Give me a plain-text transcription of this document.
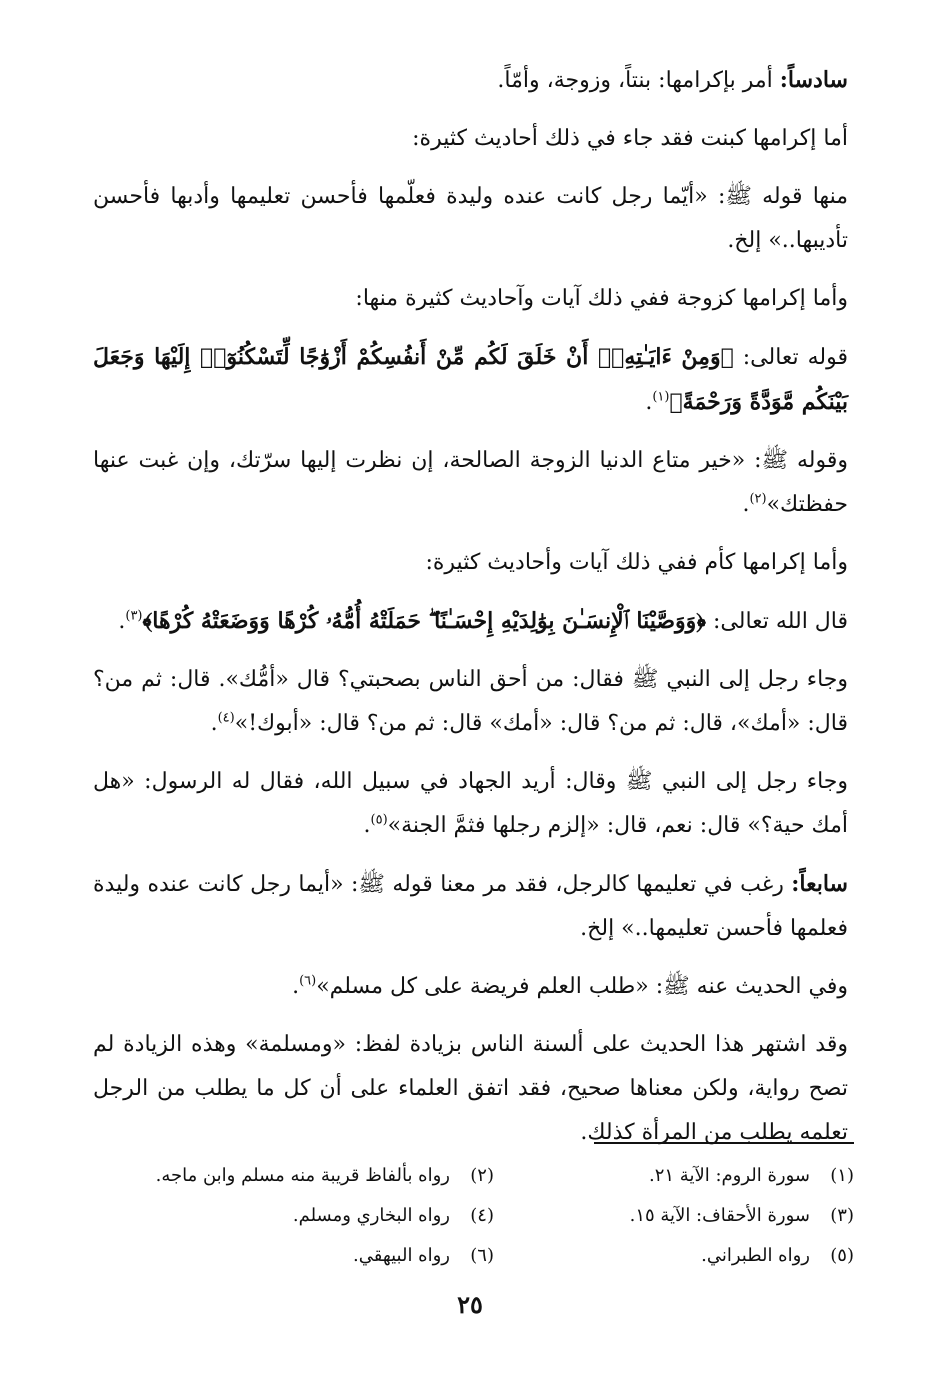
سادساً: أمر بإكرامها: بنتاً، وزوجة، وأمّاً.

أما إكرامها كبنت فقد جاء في ذلك أحاديث كثيرة:

منها قوله ﷺ: «أيّما رجل كانت عنده وليدة فعلّمها فأحسن تعليمها وأدبها فأحسن تأديبها..» إلخ.

وأما إكرامها كزوجة ففي ذلك آيات وآحاديث كثيرة منها:

قوله تعالى: ﴿وَمِنْ ءَايَـٰتِهِۦٓ أَنْ خَلَقَ لَكُم مِّنْ أَنفُسِكُمْ أَزْوَٰجًا لِّتَسْكُنُوٓا۟ إِلَيْهَا وَجَعَلَ بَيْنَكُم مَّوَدَّةً وَرَحْمَةً﴾$^{(١)}$.

وقوله ﷺ: «خير متاع الدنيا الزوجة الصالحة، إن نظرت إليها سرّتك، وإن غبت عنها حفظتك»$^{(٢)}$.

وأما إكرامها كأم ففي ذلك آيات وأحاديث كثيرة:

قال الله تعالى: ﴿وَوَصَّيْنَا ٱلْإِنسَـٰنَ بِوَٰلِدَيْهِ إِحْسَـٰنًا ۖ حَمَلَتْهُ أُمُّهُۥ كُرْهًا وَوَضَعَتْهُ كُرْهًا﴾$^{(٣)}$.

وجاء رجل إلى النبي ﷺ فقال: من أحق الناس بصحبتي؟ قال «أمُّك». قال: ثم من؟ قال: «أمك»، قال: ثم من؟ قال: «أمك» قال: ثم من؟ قال: «أبوك!»$^{(٤)}$.

وجاء رجل إلى النبي ﷺ وقال: أريد الجهاد في سبيل الله، فقال له الرسول: «هل أمك حية؟» قال: نعم، قال: «إلزم رجلها فثمَّ الجنة»$^{(٥)}$.

سابعاً: رغب في تعليمها كالرجل، فقد مر معنا قوله ﷺ: «أيما رجل كانت عنده وليدة فعلمها فأحسن تعليمها..» إلخ.

وفي الحديث عنه ﷺ: «طلب العلم فريضة على كل مسلم»$^{(٦)}$.

وقد اشتهر هذا الحديث على ألسنة الناس بزيادة لفظ: «ومسلمة» وهذه الزيادة لم تصح رواية، ولكن معناها صحيح، فقد اتفق العلماء على أن كل ما يطلب من الرجل تعلمه يطلب من المرأة كذلك.

(١)
سورة الروم: الآية ٢١.
(٢)
رواه بألفاظ قريبة منه مسلم وابن ماجه.
(٣)
سورة الأحقاف: الآية ١٥.
(٤)
رواه البخاري ومسلم.
(٥)
رواه الطبراني.
(٦)
رواه البيهقي.
٢٥
